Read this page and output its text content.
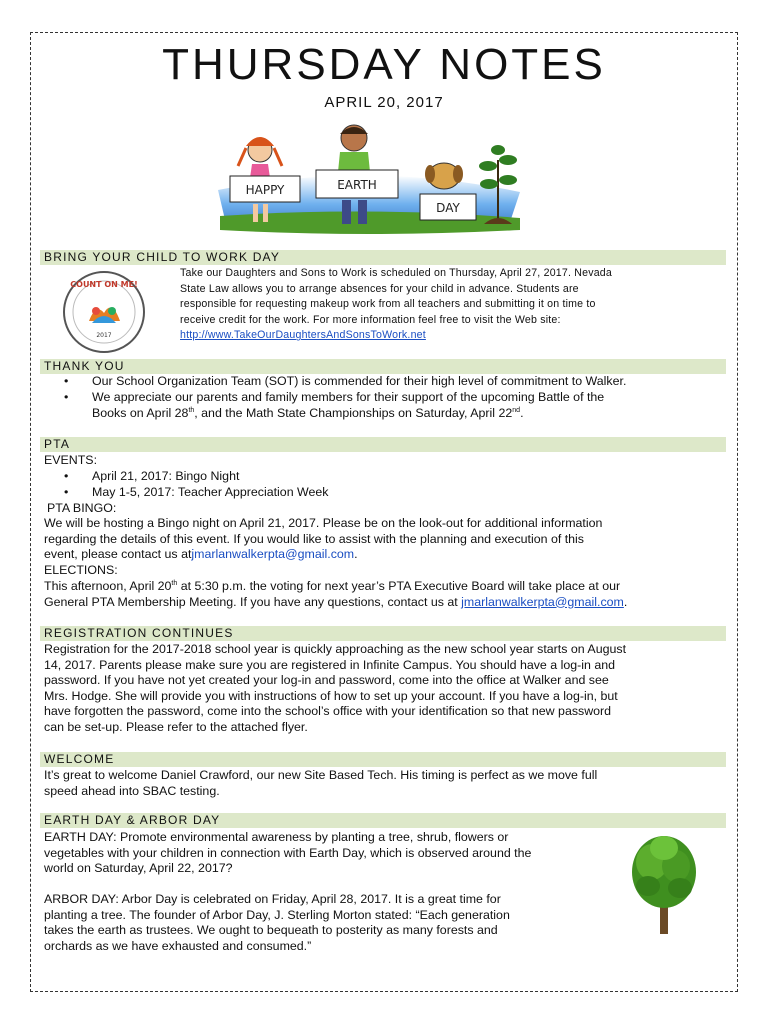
THURSDAY NOTES
APRIL 20, 2017
HAPPY	EARTH
DAY
BRING YOUR CHILD TO WORK DAY
COUNT ON ME!
2017
Take our Daughters and Sons to Work is scheduled on Thursday, April 27, 2017. Nevada
State Law allows you to arrange absences for your child in advance. Students are
responsible for requesting makeup work from all teachers and submitting it on time to
receive credit for the work. For more information feel free to visit the Web site:
http://www.TakeOurDaughtersAndSonsToWork.net
THANK YOU
• Our School Organization Team (SOT) is commended for their high level of commitment to Walker.
• We appreciate our parents and family members for their support of the upcoming Battle of the
Books on April 28th, and the Math State Championships on Saturday, April 22nd.
PTA
EVENTS:
• April 21, 2017: Bingo Night
• May 1-5, 2017: Teacher Appreciation Week
PTA BINGO:
We will be hosting a Bingo night on April 21, 2017. Please be on the look-out for additional information
regarding the details of this event. If you would like to assist with the planning and execution of this
event, please contact us atjmarlanwalkerpta@gmail.com.
ELECTIONS:
This afternoon, April 20th at 5:30 p.m. the voting for next year’s PTA Executive Board will take place at our
General PTA Membership Meeting. If you have any questions, contact us at jmarlanwalkerpta@gmail.com.
REGISTRATION CONTINUES
Registration for the 2017-2018 school year is quickly approaching as the new school year starts on August
14, 2017. Parents please make sure you are registered in Infinite Campus. You should have a log-in and
password. If you have not yet created your log-in and password, come into the office at Walker and see
Mrs. Hodge. She will provide you with instructions of how to set up your account. If you have a log-in, but
have forgotten the password, come into the school’s office with your identification so that new password
can be set-up. Please refer to the attached flyer.
WELCOME
It’s great to welcome Daniel Crawford, our new Site Based Tech. His timing is perfect as we move full
speed ahead into SBAC testing.
EARTH DAY & ARBOR DAY
EARTH DAY: Promote environmental awareness by planting a tree, shrub, flowers or
vegetables with your children in connection with Earth Day, which is observed around the
world on Saturday, April 22, 2017?
ARBOR DAY: Arbor Day is celebrated on Friday, April 28, 2017. It is a great time for
planting a tree. The founder of Arbor Day, J. Sterling Morton stated: “Each generation
takes the earth as trustees. We ought to bequeath to posterity as many forests and
orchards as we have exhausted and consumed.”
